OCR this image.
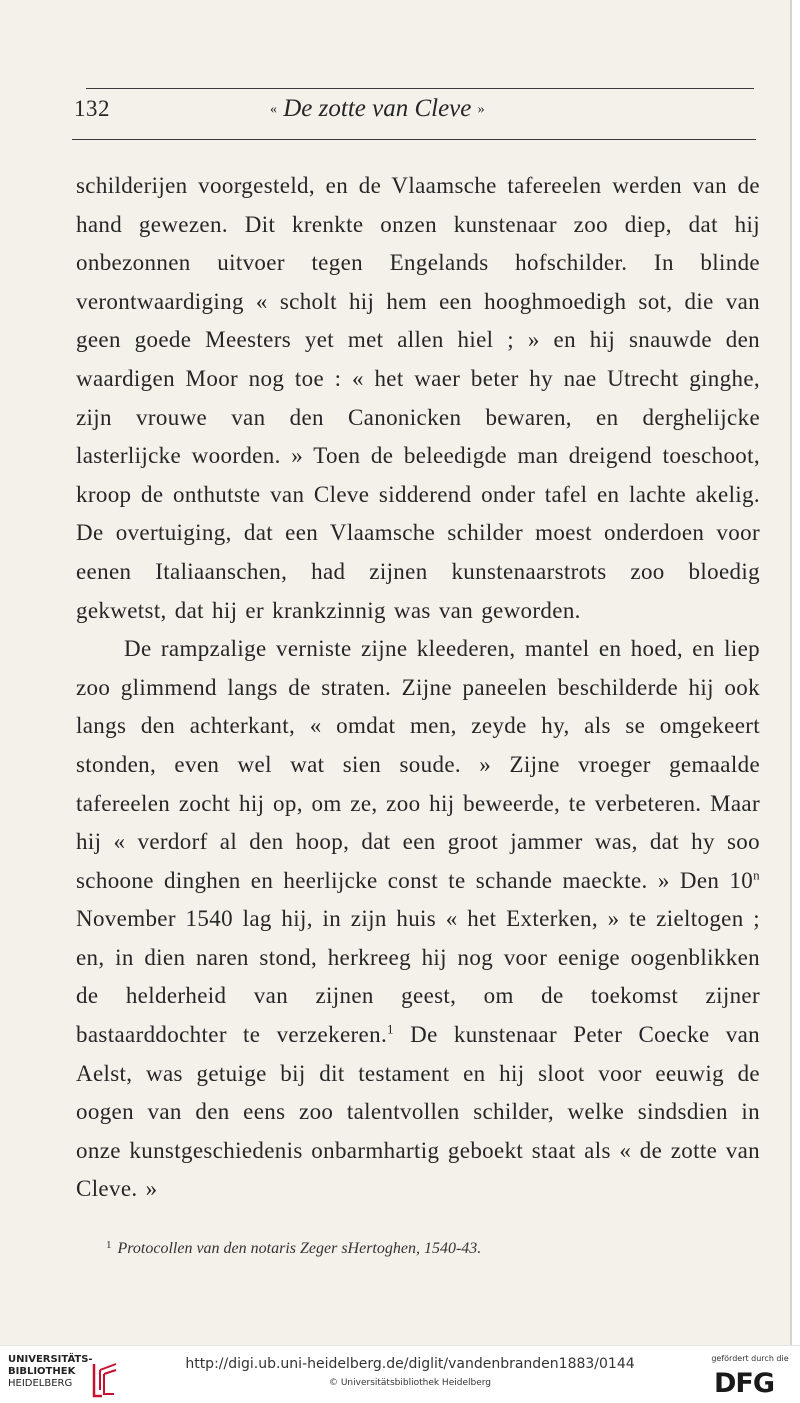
132	« De zotte van Cleve »

schilderijen voorgesteld, en de Vlaamsche tafereelen werden van de hand gewezen. Dit krenkte onzen kunstenaar zoo diep, dat hij onbezonnen uitvoer tegen Engelands hofschilder. In blinde verontwaardiging « scholt hij hem een hooghmoedigh sot, die van geen goede Meesters yet met allen hiel ; » en hij snauwde den waardigen Moor nog toe : « het waer beter hy nae Utrecht ginghe, zijn vrouwe van den Canonicken bewaren, en derghelijcke lasterlijcke woorden. » Toen de beleedigde man dreigend toeschoot, kroop de onthutste van Cleve sidderend onder tafel en lachte akelig. De overtuiging, dat een Vlaamsche schilder moest onderdoen voor eenen Italiaanschen, had zijnen kunstenaarstrots zoo bloedig gekwetst, dat hij er krankzinnig was van geworden.

De rampzalige verniste zijne kleederen, mantel en hoed, en liep zoo glimmend langs de straten. Zijne paneelen beschilderde hij ook langs den achterkant, « omdat men, zeyde hy, als se omgekeert stonden, even wel wat sien soude. » Zijne vroeger gemaalde tafereelen zocht hij op, om ze, zoo hij beweerde, te verbeteren. Maar hij « verdorf al den hoop, dat een groot jammer was, dat hy soo schoone dinghen en heerlijcke const te schande maeckte. » Den 10$^n$ November 1540 lag hij, in zijn huis « het Exterken, » te zieltogen ; en, in dien naren stond, herkreeg hij nog voor eenige oogenblikken de helderheid van zijnen geest, om de toekomst zijner bastaarddochter te verzekeren.$^1$ De kunstenaar Peter Coecke van Aelst, was getuige bij dit testament en hij sloot voor eeuwig de oogen van den eens zoo talentvollen schilder, welke sindsdien in onze kunstgeschiedenis onbarmhartig geboekt staat als « de zotte van Cleve. »

$^1$ Protocollen van den notaris Zeger sHertoghen, 1540-43.
UNIVERSITÄTS-
BIBLIOTHEK
HEIDELBERG
http://digi.ub.uni-heidelberg.de/diglit/vandenbranden1883/0144
© Universitätsbibliothek Heidelberg
gefördert durch die
DFG
